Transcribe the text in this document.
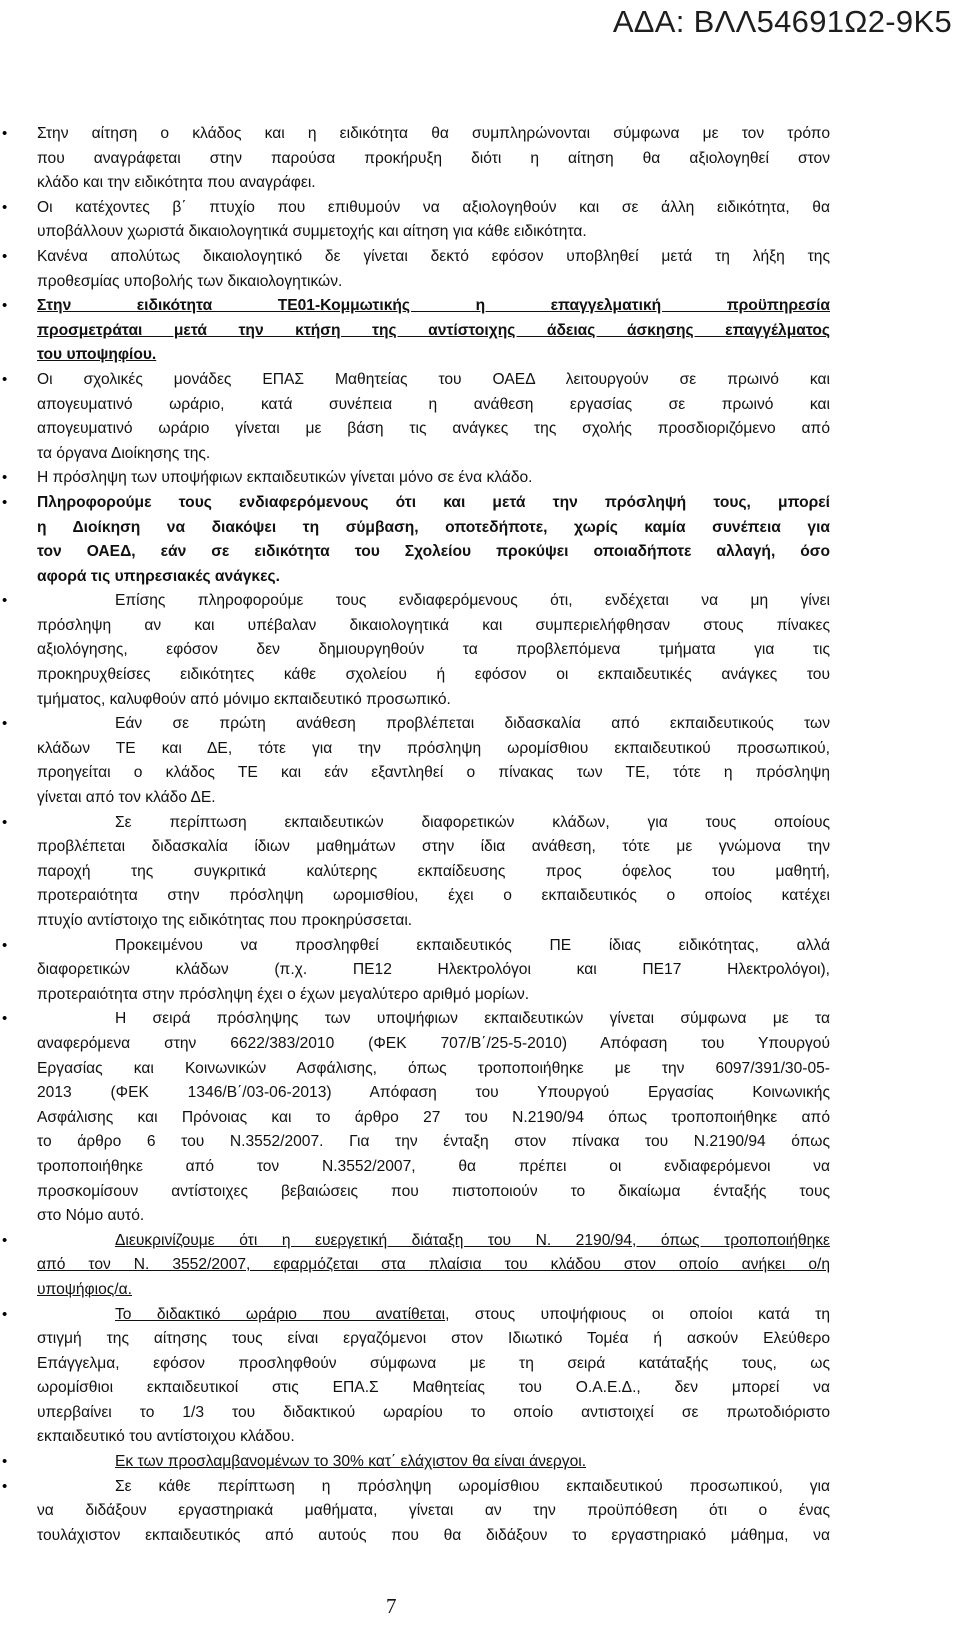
ΑΔΑ: ΒΛΛ54691Ω2-9Κ5
• Στην αίτηση ο κλάδος και η ειδικότητα θα συμπληρώνονται σύμφωνα με τον τρόπο
που αναγράφεται στην παρούσα προκήρυξη διότι η αίτηση θα αξιολογηθεί στον
κλάδο και την ειδικότητα που αναγράφει.
• Οι κατέχοντες β΄ πτυχίο που επιθυμούν να αξιολογηθούν και σε άλλη ειδικότητα, θα
υποβάλλουν χωριστά δικαιολογητικά συμμετοχής και αίτηση για κάθε ειδικότητα.
• Κανένα απολύτως δικαιολογητικό δε γίνεται δεκτό εφόσον υποβληθεί μετά τη λήξη της
προθεσμίας υποβολής των δικαιολογητικών.
• Στην ειδικότητα ΤΕ01-Κομμωτικής η επαγγελματική προϋπηρεσία
προσμετράται μετά την κτήση της αντίστοιχης άδειας άσκησης επαγγέλματος
του υποψηφίου.
• Οι σχολικές μονάδες ΕΠΑΣ Μαθητείας του ΟΑΕΔ λειτουργούν σε πρωινό και
απογευματινό ωράριο, κατά συνέπεια η ανάθεση εργασίας σε πρωινό και
απογευματινό ωράριο γίνεται με βάση τις ανάγκες της σχολής προσδιοριζόμενο από
τα όργανα Διοίκησης της.
• Η πρόσληψη των υποψήφιων εκπαιδευτικών γίνεται μόνο σε ένα κλάδο.
• Πληροφορούμε τους ενδιαφερόμενους ότι και μετά την πρόσληψή τους, μπορεί
η Διοίκηση να διακόψει τη σύμβαση, οποτεδήποτε, χωρίς καμία συνέπεια για
τον ΟΑΕΔ, εάν σε ειδικότητα του Σχολείου προκύψει οποιαδήποτε αλλαγή, όσο
αφορά τις υπηρεσιακές ανάγκες.
•	Επίσης πληροφορούμε τους ενδιαφερόμενους ότι, ενδέχεται να μη γίνει
πρόσληψη αν και υπέβαλαν δικαιολογητικά και συμπεριελήφθησαν στους πίνακες
αξιολόγησης, εφόσον δεν δημιουργηθούν τα προβλεπόμενα τμήματα για τις
προκηρυχθείσες ειδικότητες κάθε σχολείου ή εφόσον οι εκπαιδευτικές ανάγκες του
τμήματος, καλυφθούν από μόνιμο εκπαιδευτικό προσωπικό.
•	Εάν σε πρώτη ανάθεση προβλέπεται διδασκαλία από εκπαιδευτικούς των
κλάδων ΤΕ και ΔΕ, τότε για την πρόσληψη ωρομίσθιου εκπαιδευτικού προσωπικού,
προηγείται ο κλάδος ΤΕ και εάν εξαντληθεί ο πίνακας των ΤΕ, τότε η πρόσληψη
γίνεται από τον κλάδο ΔΕ.
•	Σε περίπτωση εκπαιδευτικών διαφορετικών κλάδων, για τους οποίους
προβλέπεται διδασκαλία ίδιων μαθημάτων στην ίδια ανάθεση, τότε με γνώμονα την
παροχή της συγκριτικά καλύτερης εκπαίδευσης προς όφελος του μαθητή,
προτεραιότητα στην πρόσληψη ωρομισθίου, έχει ο εκπαιδευτικός ο οποίος κατέχει
πτυχίο αντίστοιχο της ειδικότητας που προκηρύσσεται.
•	Προκειμένου να προσληφθεί εκπαιδευτικός ΠΕ ίδιας ειδικότητας, αλλά
διαφορετικών κλάδων (π.χ. ΠΕ12 Ηλεκτρολόγοι και ΠΕ17 Ηλεκτρολόγοι),
προτεραιότητα στην πρόσληψη έχει ο έχων μεγαλύτερο αριθμό μορίων.
•	Η σειρά πρόσληψης των υποψήφιων εκπαιδευτικών γίνεται σύμφωνα με τα
αναφερόμενα στην 6622/383/2010 (ΦΕΚ 707/Β΄/25-5-2010) Απόφαση του Υπουργού
Εργασίας και Κοινωνικών Ασφάλισης, όπως τροποποιήθηκε με την 6097/391/30-05-
2013 (ΦΕΚ 1346/Β΄/03-06-2013) Απόφαση του Υπουργού Εργασίας Κοινωνικής
Ασφάλισης και Πρόνοιας και το άρθρο 27 του Ν.2190/94 όπως τροποποιήθηκε από
το άρθρο 6 του Ν.3552/2007. Για την ένταξη στον πίνακα του Ν.2190/94 όπως
τροποποιήθηκε από τον Ν.3552/2007, θα πρέπει οι ενδιαφερόμενοι να
προσκομίσουν αντίστοιχες βεβαιώσεις που πιστοποιούν το δικαίωμα ένταξής τους
στο Νόμο αυτό.
•	Διευκρινίζουμε ότι η ευεργετική διάταξη του Ν. 2190/94, όπως τροποποιήθηκε
από τον Ν. 3552/2007, εφαρμόζεται στα πλαίσια του κλάδου στον οποίο ανήκει ο/η
υποψήφιος/α.
•	Το διδακτικό ωράριο που ανατίθεται, στους υποψήφιους οι οποίοι κατά τη
στιγμή της αίτησης τους είναι εργαζόμενοι στον Ιδιωτικό Τομέα ή ασκούν Ελεύθερο
Επάγγελμα, εφόσον προσληφθούν σύμφωνα με τη σειρά κατάταξής τους, ως
ωρομίσθιοι εκπαιδευτικοί στις ΕΠΑ.Σ Μαθητείας του Ο.Α.Ε.Δ., δεν μπορεί να
υπερβαίνει το 1/3 του διδακτικού ωραρίου το οποίο αντιστοιχεί σε πρωτοδιόριστο
εκπαιδευτικό του αντίστοιχου κλάδου.
•	Εκ των προσλαμβανομένων το 30% κατ΄ ελάχιστον θα είναι άνεργοι.
•	Σε κάθε περίπτωση η πρόσληψη ωρομίσθιου εκπαιδευτικού προσωπικού, για
να διδάξουν εργαστηριακά μαθήματα, γίνεται αν την προϋπόθεση ότι ο ένας
τουλάχιστον εκπαιδευτικός από αυτούς που θα διδάξουν το εργαστηριακό μάθημα, να
7
